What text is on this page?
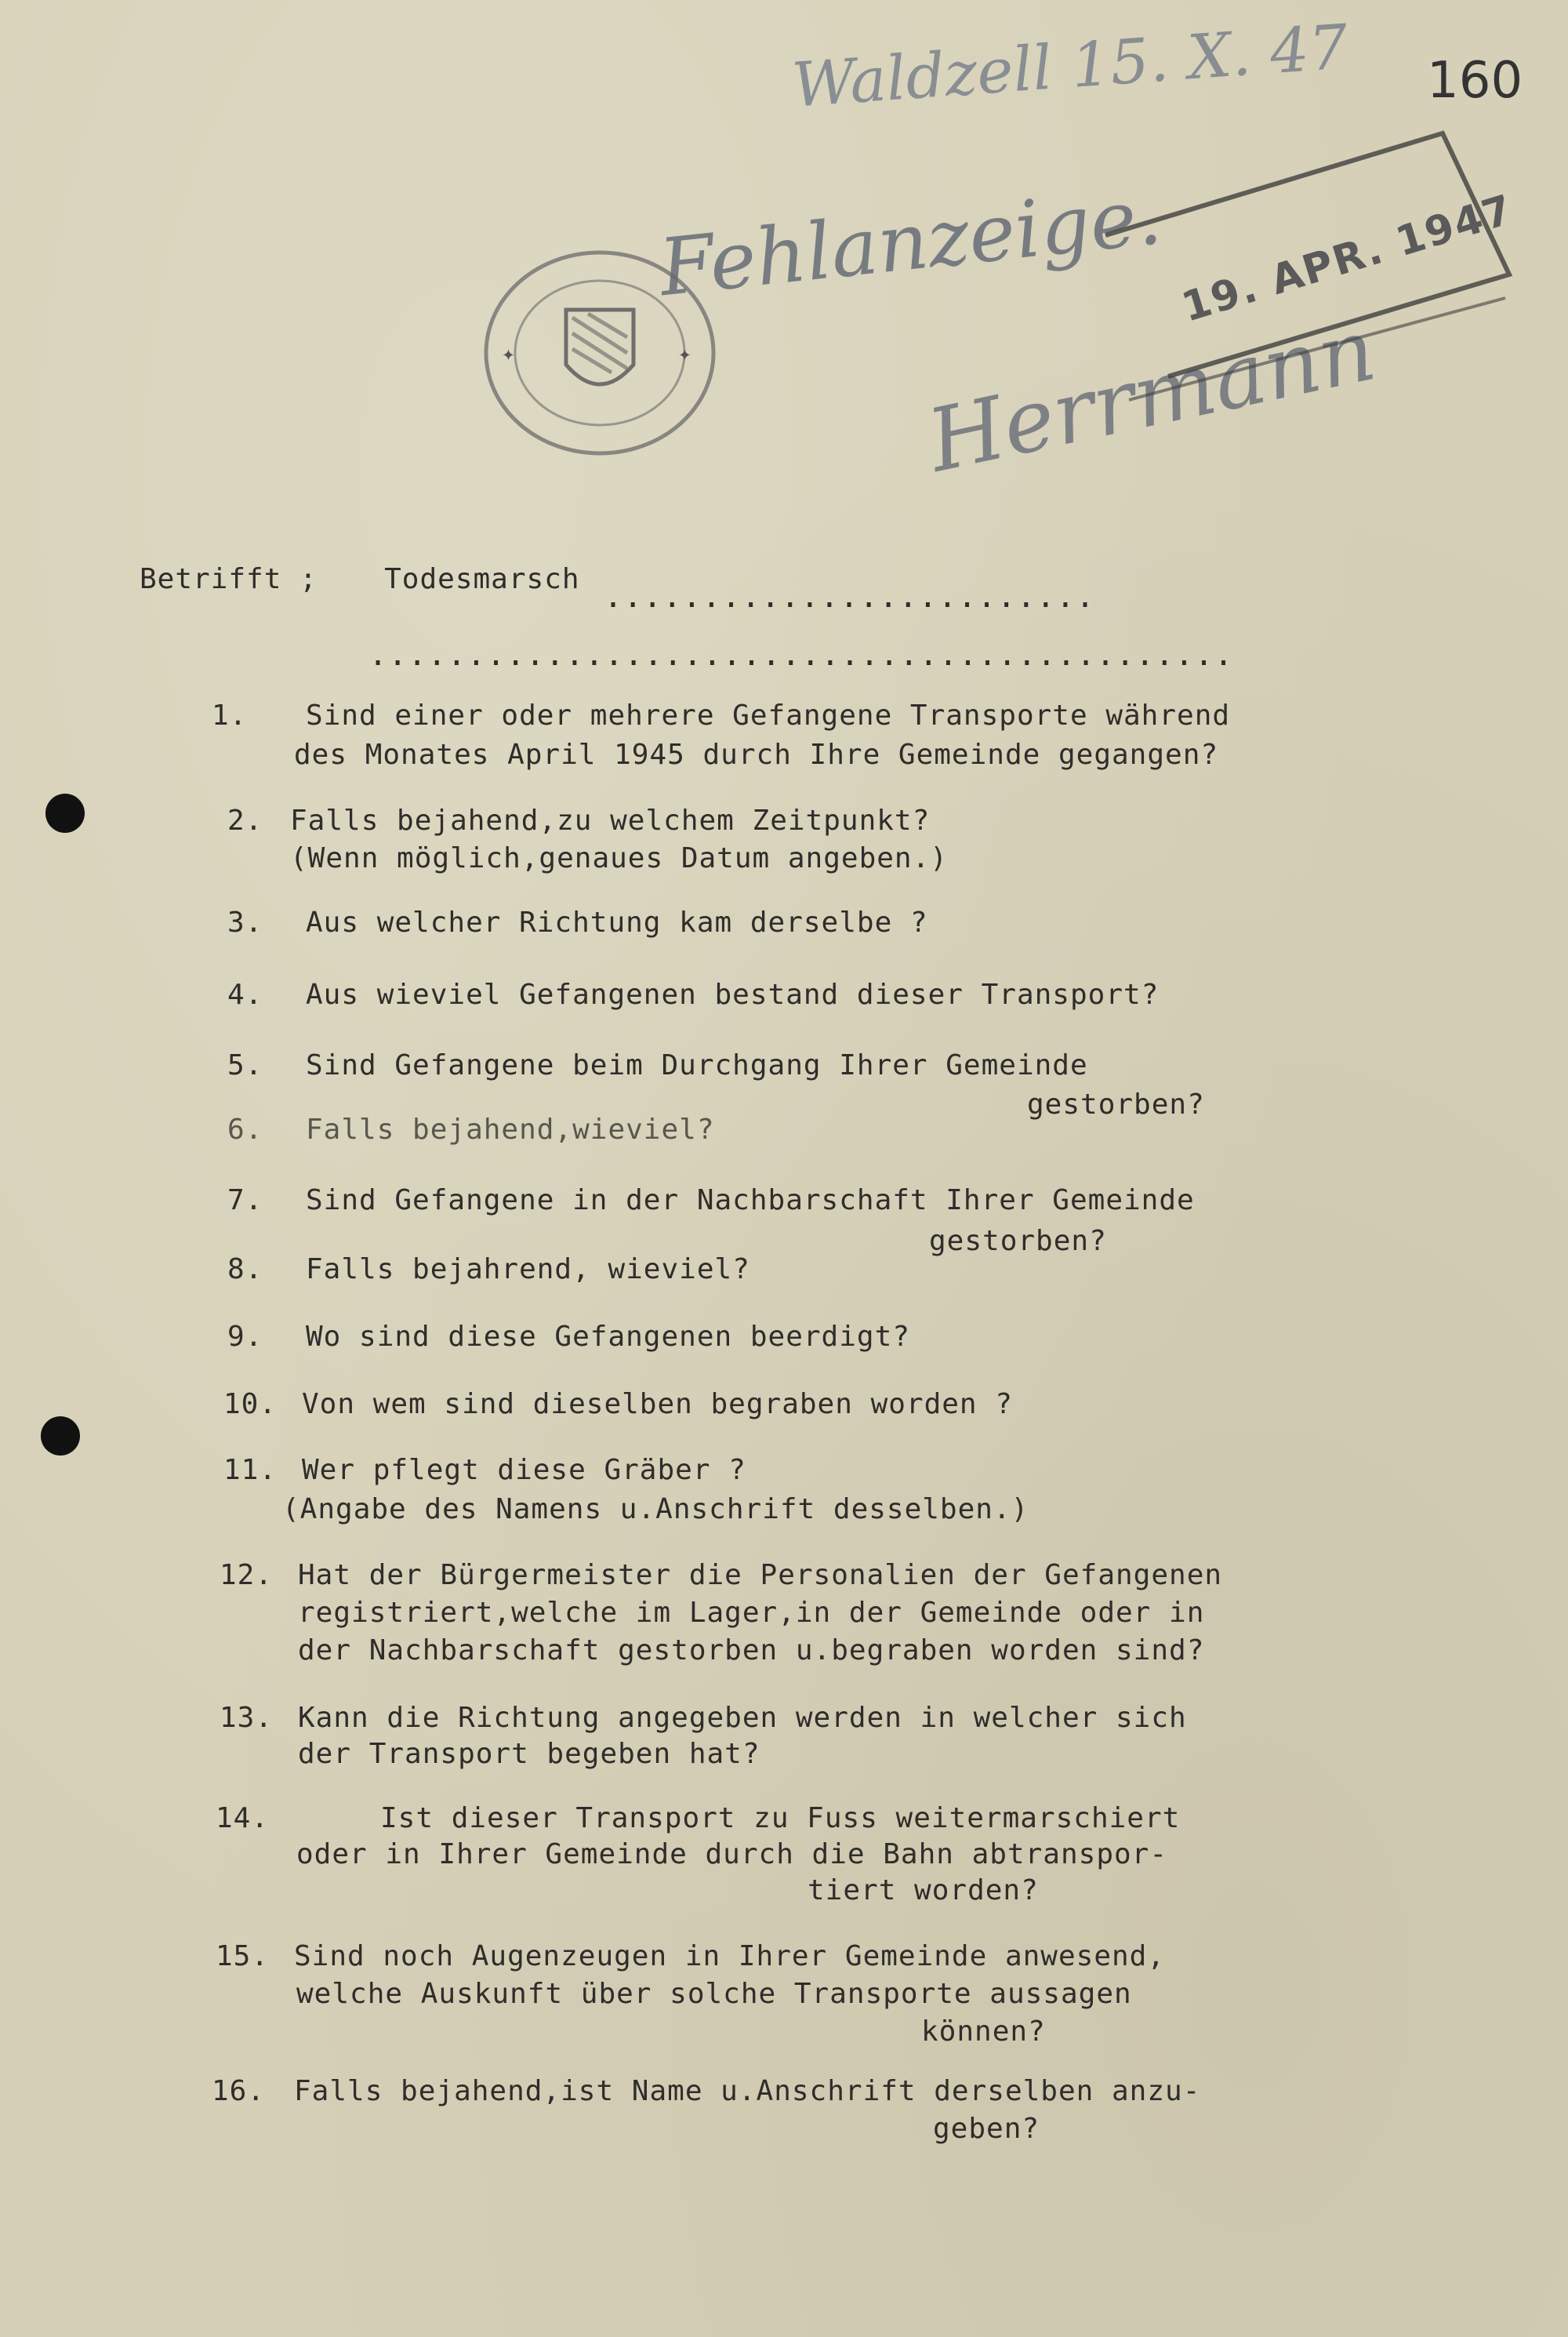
160
Waldzell 15. X. 47
Fehlanzeige.
Herrmann
✦	✦
19. APR. 1947
Betrifft ; Todesmarsch .........................
............................................
1. Sind einer oder mehrere Gefangene Transporte während
des Monates April 1945 durch Ihre Gemeinde gegangen?
2. Falls bejahend,zu welchem Zeitpunkt?
(Wenn möglich,genaues Datum angeben.)
3. Aus welcher Richtung kam derselbe ?
4. Aus wieviel Gefangenen bestand dieser Transport?
5. Sind Gefangene beim Durchgang Ihrer Gemeinde
gestorben?
6. Falls bejahend,wieviel?
7. Sind Gefangene in der Nachbarschaft Ihrer Gemeinde
gestorben?
8. Falls bejahrend, wieviel?
9. Wo sind diese Gefangenen beerdigt?
10. Von wem sind dieselben begraben worden ?
11. Wer pflegt diese Gräber ?
(Angabe des Namens u.Anschrift desselben.)
12. Hat der Bürgermeister die Personalien der Gefangenen
registriert,welche im Lager,in der Gemeinde oder in
der Nachbarschaft gestorben u.begraben worden sind?
13. Kann die Richtung angegeben werden in welcher sich
der Transport begeben hat?
14.	Ist dieser Transport zu Fuss weitermarschiert
oder in Ihrer Gemeinde durch die Bahn abtranspor-
tiert worden?
15. Sind noch Augenzeugen in Ihrer Gemeinde anwesend,
welche Auskunft über solche Transporte aussagen
können?
16. Falls bejahend,ist Name u.Anschrift derselben anzu-
geben?
